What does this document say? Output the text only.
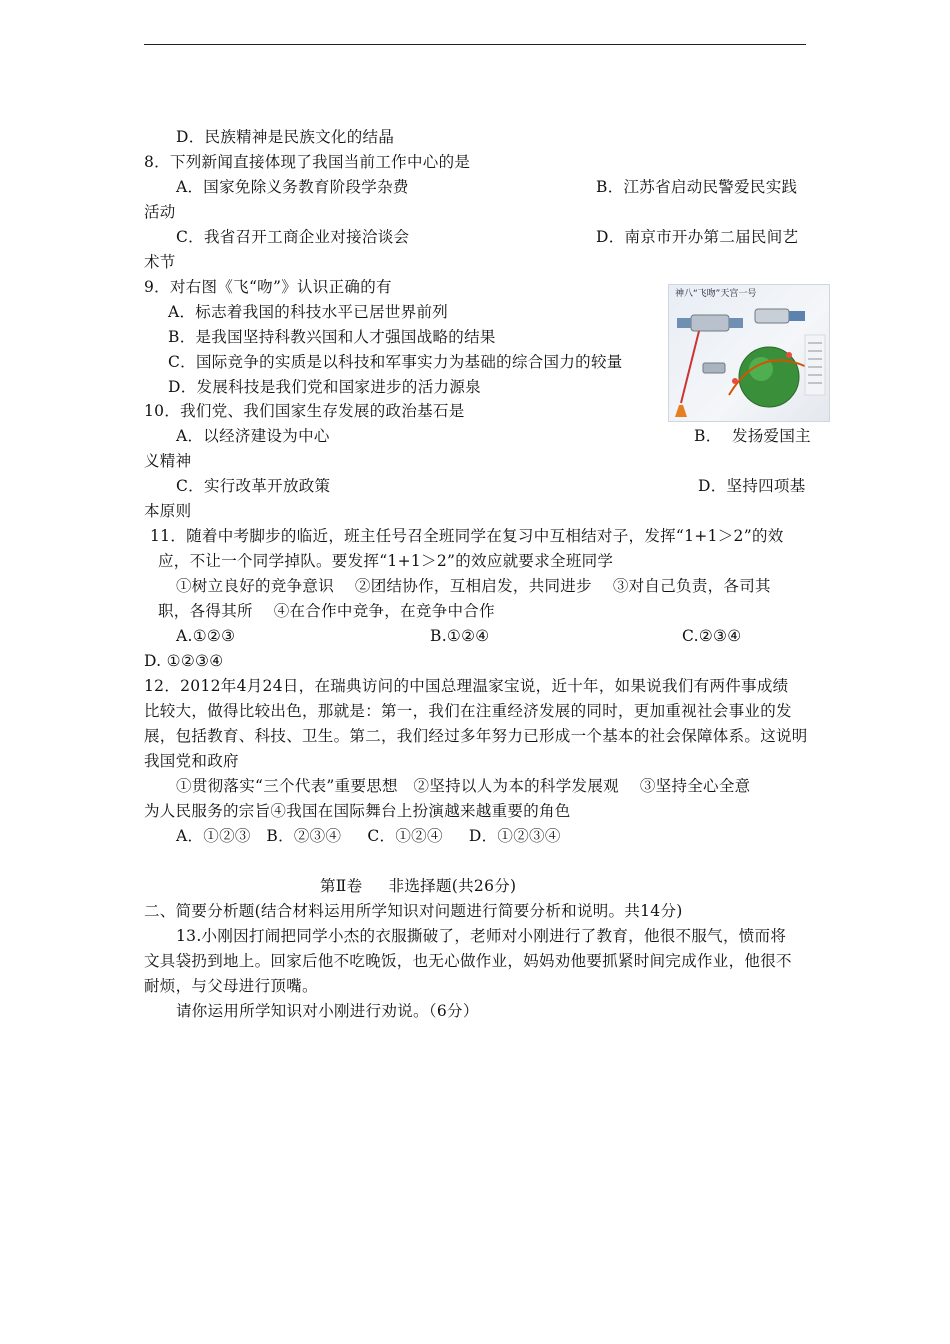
D．民族精神是民族文化的结晶
8．下列新闻直接体现了我国当前工作中心的是
A．国家免除义务教育阶段学杂费	B．江苏省启动民警爱民实践
活动
C．我省召开工商企业对接洽谈会	D．南京市开办第二届民间艺
术节
9．对右图《飞“吻”》认识正确的有
A．标志着我国的科技水平已居世界前列
B．是我国坚持科教兴国和人才强国战略的结果
C．国际竞争的实质是以科技和军事实力为基础的综合国力的较量
D．发展科技是我们党和国家进步的活力源泉
神八“飞吻”天宫一号
10．我们党、我们国家生存发展的政治基石是
A．以经济建设为中心	B．  发扬爱国主
义精神
C．实行改革开放政策	D．坚持四项基
本原则
11．随着中考脚步的临近，班主任号召全班同学在复习中互相结对子，发挥“1+1＞2”的效
应，不让一个同学掉队。要发挥“1+1＞2”的效应就要求全班同学
①树立良好的竞争意识    ②团结协作，互相启发，共同进步    ③对自己负责，各司其
职，各得其所    ④在合作中竞争，在竞争中合作
A.①②③	B.①②④	C.②③④
D. ①②③④
12．2012年4月24日，在瑞典访问的中国总理温家宝说，近十年，如果说我们有两件事成绩
比较大，做得比较出色，那就是：第一，我们在注重经济发展的同时，更加重视社会事业的发
展，包括教育、科技、卫生。第二，我们经过多年努力已形成一个基本的社会保障体系。这说明
我国党和政府
①贯彻落实“三个代表”重要思想   ②坚持以人为本的科学发展观    ③坚持全心全意
为人民服务的宗旨④我国在国际舞台上扮演越来越重要的角色
A．①②③   B．②③④     C．①②④     D．①②③④
第Ⅱ卷     非选择题(共26分)
二、简要分析题(结合材料运用所学知识对问题进行简要分析和说明。共14分)
13.小刚因打闹把同学小杰的衣服撕破了，老师对小刚进行了教育，他很不服气，愤而将
文具袋扔到地上。回家后他不吃晚饭，也无心做作业，妈妈劝他要抓紧时间完成作业，他很不
耐烦，与父母进行顶嘴。
请你运用所学知识对小刚进行劝说。（6分）
